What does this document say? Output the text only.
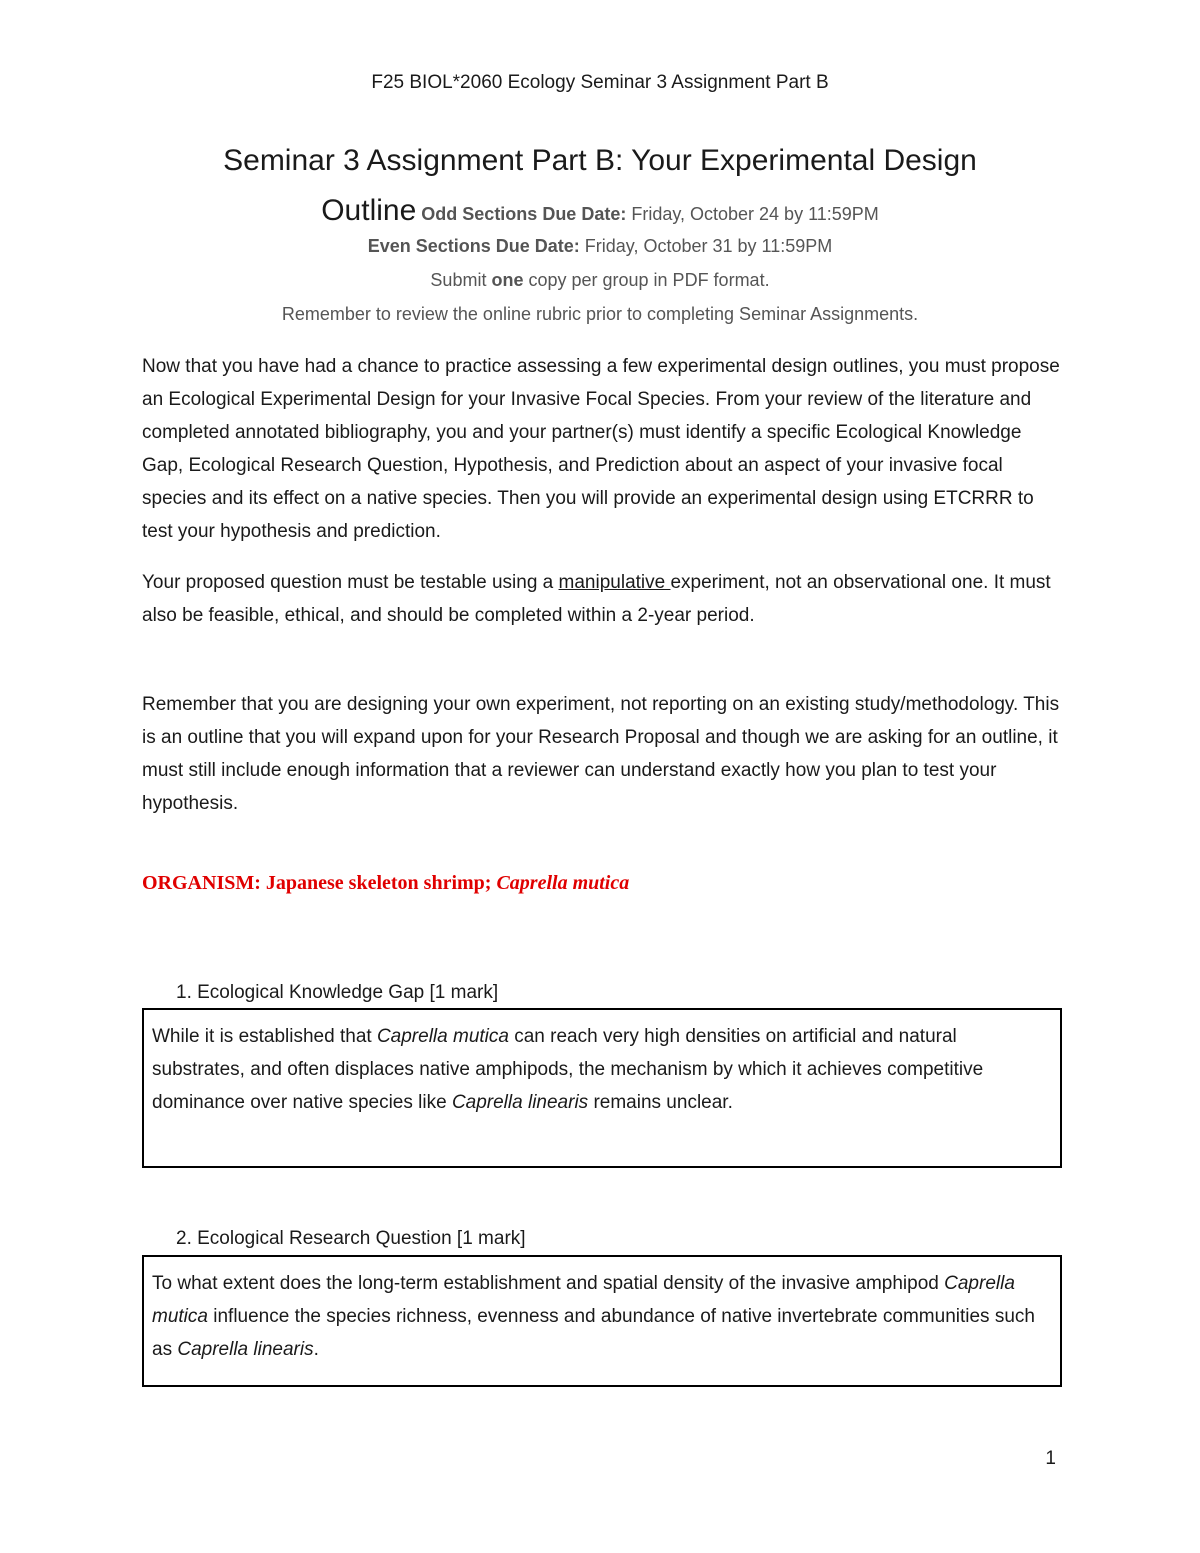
F25 BIOL*2060 Ecology Seminar 3 Assignment Part B
Seminar 3 Assignment Part B: Your Experimental Design
Outline Odd Sections Due Date: Friday, October 24 by 11:59PM
Even Sections Due Date: Friday, October 31 by 11:59PM
Submit one copy per group in PDF format.
Remember to review the online rubric prior to completing Seminar Assignments.

Now that you have had a chance to practice assessing a few experimental design outlines, you must propose an Ecological Experimental Design for your Invasive Focal Species. From your review of the literature and completed annotated bibliography, you and your partner(s) must identify a specific Ecological Knowledge Gap, Ecological Research Question, Hypothesis, and Prediction about an aspect of your invasive focal species and its effect on a native species. Then you will provide an experimental design using ETCRRR to test your hypothesis and prediction.

Your proposed question must be testable using a manipulative experiment, not an observational one. It must also be feasible, ethical, and should be completed within a 2-year period.

Remember that you are designing your own experiment, not reporting on an existing study/methodology. This is an outline that you will expand upon for your Research Proposal and though we are asking for an outline, it must still include enough information that a reviewer can understand exactly how you plan to test your hypothesis.

ORGANISM: Japanese skeleton shrimp; Caprella mutica
1. Ecological Knowledge Gap [1 mark]
While it is established that Caprella mutica can reach very high densities on artificial and natural substrates, and often displaces native amphipods, the mechanism by which it achieves competitive dominance over native species like Caprella linearis remains unclear.
2. Ecological Research Question [1 mark]
To what extent does the long-term establishment and spatial density of the invasive amphipod Caprella mutica influence the species richness, evenness and abundance of native invertebrate communities such as Caprella linearis.
1
